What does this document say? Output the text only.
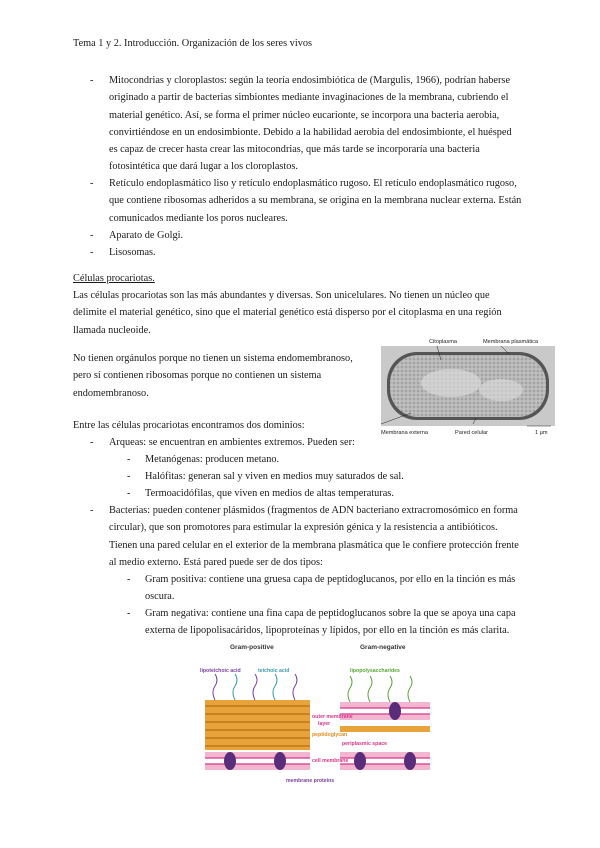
Tema 1 y 2. Introducción. Organización de los seres vivos
- Mitocondrias y cloroplastos: según la teoría endosimbiótica de (Margulis, 1966), podrían haberse
originado a partir de bacterias simbiontes mediante invaginaciones de la membrana, cubriendo el
material genético. Así, se forma el primer núcleo eucarionte, se incorpora una bacteria aerobia,
convirtiéndose en un endosimbionte. Debido a la habilidad aerobia del endosimbionte, el huésped
es capaz de crecer hasta crear las mitocondrias, que más tarde se incorporaría una bacteria
fotosintética que dará lugar a los cloroplastos.
- Retículo endoplasmático liso y retículo endoplasmático rugoso. El retículo endoplasmático rugoso,
que contiene ribosomas adheridos a su membrana, se origina en la membrana nuclear externa. Están
comunicados mediante los poros nucleares.
- Aparato de Golgi.
- Lisosomas.
Células procariotas.
Las células procariotas son las más abundantes y diversas. Son unicelulares. No tienen un núcleo que
delimite el material genético, sino que el material genético está disperso por el citoplasma en una región
llamada nucleoide.
No tienen orgánulos porque no tienen un sistema endomembranoso,
pero sí contienen ribosomas porque no contienen un sistema
endomembranoso.
Citoplasma	Membrana plasmática
Membrana externa	Pared celular	1 µm
Entre las células procariotas encontramos dos dominios:
- Arqueas: se encuentran en ambientes extremos. Pueden ser:
- Metanógenas: producen metano.
- Halófitas: generan sal y viven en medios muy saturados de sal.
- Termoacidófilas, que viven en medios de altas temperaturas.
- Bacterias: pueden contener plásmidos (fragmentos de ADN bacteriano extracromosómico en forma
circular), que son promotores para estimular la expresión génica y la resistencia a antibióticos.
Tienen una pared celular en el exterior de la membrana plasmática que le confiere protección frente
al medio externo. Está pared puede ser de dos tipos:
- Gram positiva: contiene una gruesa capa de peptidoglucanos, por ello en la tinción es más
oscura.
- Gram negativa: contiene una fina capa de peptidoglucanos sobre la que se apoya una capa
externa de lipopolisacáridos, lipoproteínas y lípidos, por ello en la tinción es más clarita.
Gram-positive	Gram-negative
lipoteichoic acid	teichoic acid	lipopolysaccharides
outer membrane
layer
peptidoglycan
periplasmic space
cell membrane
membrane proteins
